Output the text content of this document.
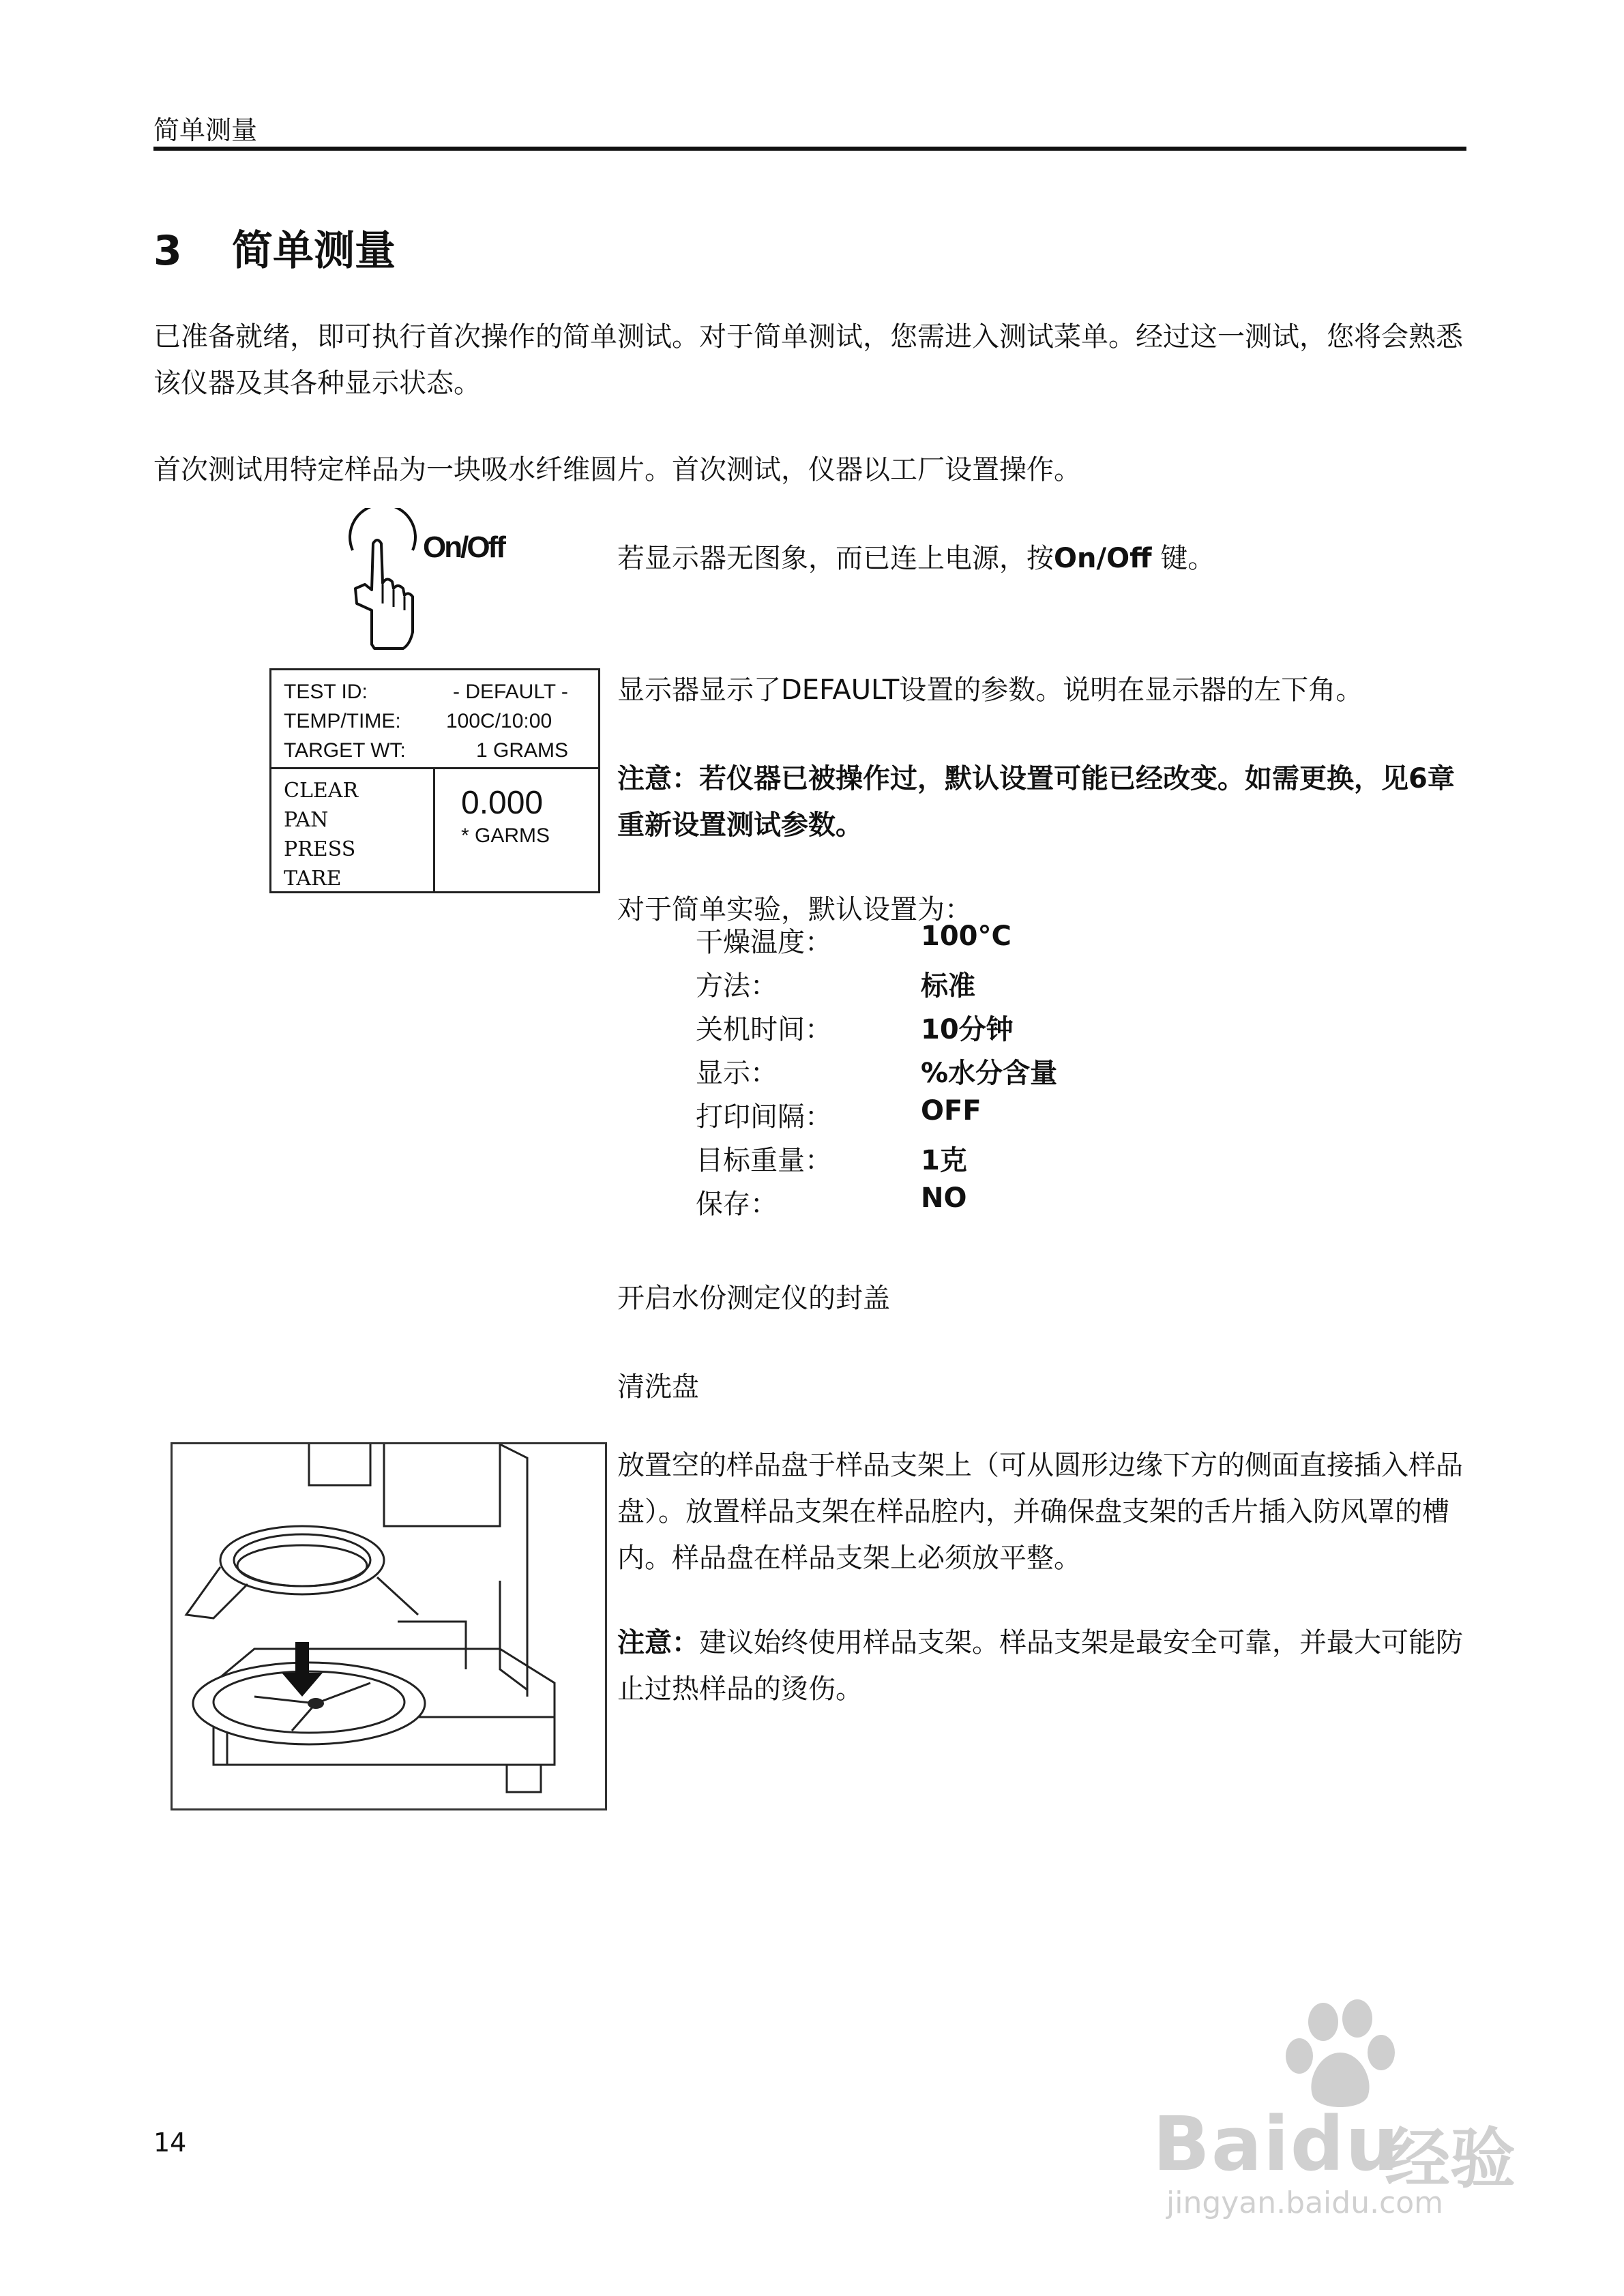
简单测量
3 简单测量
已准备就绪，即可执行首次操作的简单测试。对于简单测试，您需进入测试菜单。经过这一测试，您将会熟悉该仪器及其各种显示状态。
首次测试用特定样品为一块吸水纤维圆片。首次测试，仪器以工厂设置操作。
On/Off	若显示器无图象，而已连上电源，按On/Off 键。
TEST ID:	- DEFAULT -
TEMP/TIME: 100C/10:00
TARGET WT:	1 GRAMS
CLEAR
PAN
PRESS
TARE
0.000
* GARMS
显示器显示了DEFAULT设置的参数。说明在显示器的左下角。
注意：若仪器已被操作过，默认设置可能已经改变。如需更换，见6章重新设置测试参数。
对于简单实验，默认设置为：
干燥温度：	100°C
方法：	标准
关机时间：	10分钟
显示：	%水分含量
打印间隔：	OFF
目标重量：	1克
保存：	NO
开启水份测定仪的封盖
清洗盘
放置空的样品盘于样品支架上（可从圆形边缘下方的侧面直接插入样品盘）。放置样品支架在样品腔内，并确保盘支架的舌片插入防风罩的槽内。样品盘在样品支架上必须放平整。
注意：建议始终使用样品支架。样品支架是最安全可靠，并最大可能防止过热样品的烫伤。
14	Baidu
经验
jingyan.baidu.com
